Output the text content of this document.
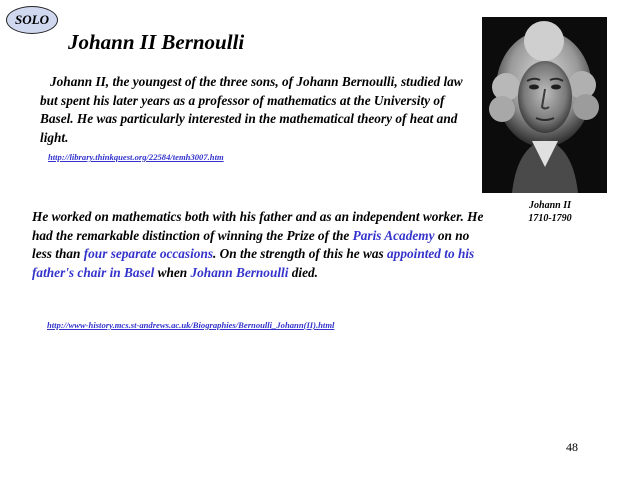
SOLO
Johann II Bernoulli
Johann II, the youngest of the three sons, of Johann Bernoulli, studied law but spent his later years as a professor of mathematics at the University of Basel. He was particularly interested in the mathematical theory of heat and light.
http://library.thinkquest.org/22584/temh3007.htm
Johann II
1710-1790
He worked on mathematics both with his father and as an independent worker. He had the remarkable distinction of winning the Prize of the Paris Academy on no less than four separate occasions. On the strength of this he was appointed to his father's chair in Basel when Johann Bernoulli died.
http://www-history.mcs.st-andrews.ac.uk/Biographies/Bernoulli_Johann(II).html
48
